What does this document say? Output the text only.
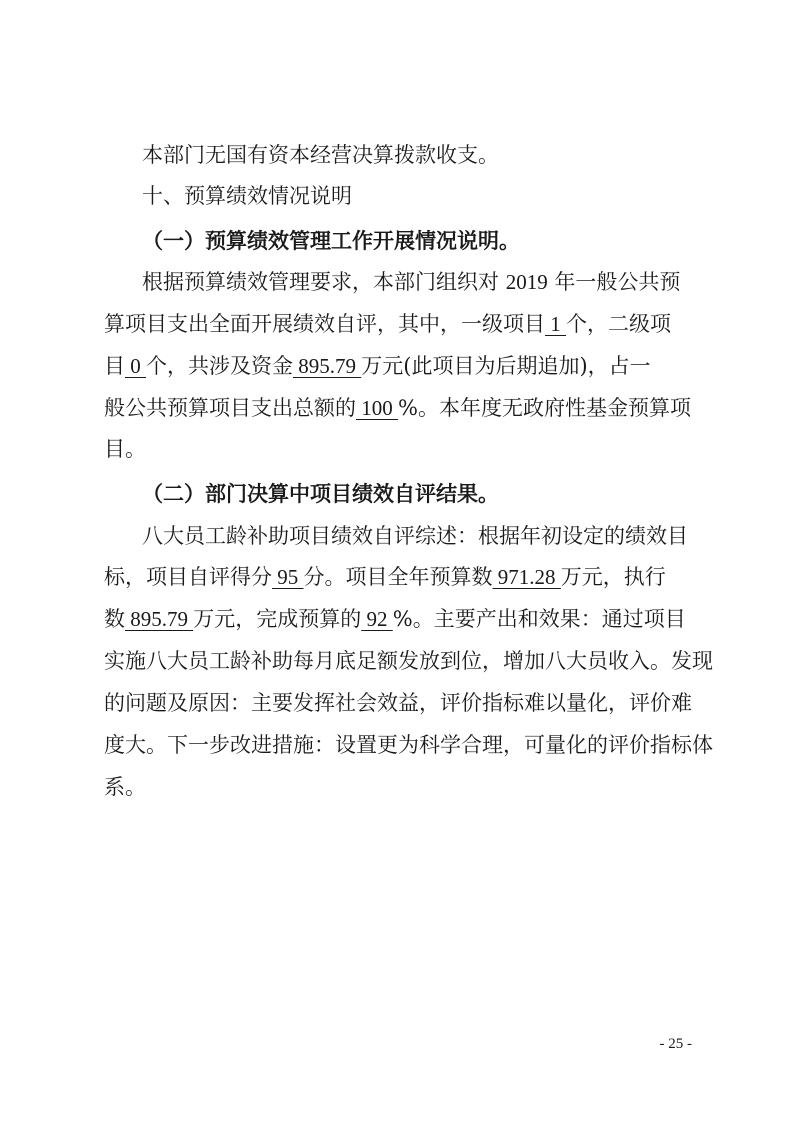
本部门无国有资本经营决算拨款收支。
十、预算绩效情况说明
（一）预算绩效管理工作开展情况说明。
根据预算绩效管理要求，本部门组织对 2019 年一般公共预
算项目支出全面开展绩效自评，其中，一级项目 1 个，二级项
目 0 个，共涉及资金 895.79 万元(此项目为后期追加)，占一
般公共预算项目支出总额的 100 %。本年度无政府性基金预算项
目。
（二）部门决算中项目绩效自评结果。
八大员工龄补助项目绩效自评综述：根据年初设定的绩效目
标，项目自评得分 95 分。项目全年预算数 971.28 万元，执行
数 895.79 万元，完成预算的 92 %。主要产出和效果：通过项目
实施八大员工龄补助每月底足额发放到位，增加八大员收入。发现
的问题及原因：主要发挥社会效益，评价指标难以量化，评价难
度大。下一步改进措施：设置更为科学合理，可量化的评价指标体
系。
- 25 -
